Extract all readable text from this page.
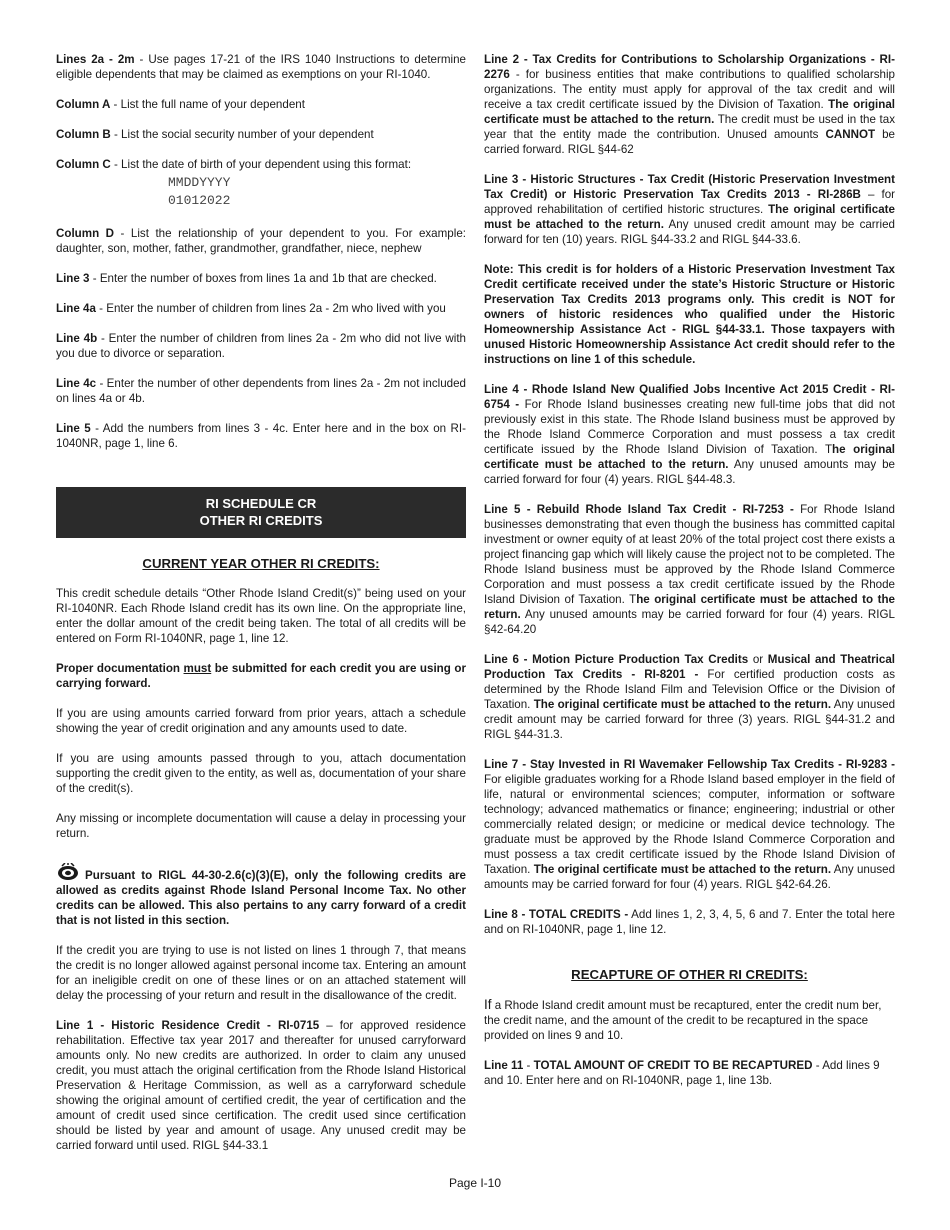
Lines 2a - 2m - Use pages 17-21 of the IRS 1040 Instructions to determine eligible dependents that may be claimed as exemptions on your RI-1040.

Column A - List the full name of your dependent

Column B - List the social security number of your dependent

Column C - List the date of birth of your dependent using this format:

MMDDYYYY
01012022

Column D - List the relationship of your dependent to you. For example: daughter, son, mother, father, grandmother, grandfather, niece, nephew

Line 3 - Enter the number of boxes from lines 1a and 1b that are checked.

Line 4a - Enter the number of children from lines 2a - 2m who lived with you

Line 4b - Enter the number of children from lines 2a - 2m who did not live with you due to divorce or separation.

Line 4c - Enter the number of other dependents from lines 2a - 2m not included on lines 4a or 4b.

Line 5 - Add the numbers from lines 3 - 4c. Enter here and in the box on RI-1040NR, page 1, line 6.

RI SCHEDULE CR
OTHER RI CREDITS
CURRENT YEAR OTHER RI CREDITS:

This credit schedule details “Other Rhode Island Credit(s)” being used on your RI-1040NR. Each Rhode Island credit has its own line. On the appropriate line, enter the dollar amount of the credit being taken. The total of all credits will be entered on Form RI-1040NR, page 1, line 12.

Proper documentation must be submitted for each credit you are using or carrying forward.

If you are using amounts carried forward from prior years, attach a schedule showing the year of credit origination and any amounts used to date.

If you are using amounts passed through to you, attach documentation supporting the credit given to the entity, as well as, documentation of your share of the credit(s).

Any missing or incomplete documentation will cause a delay in processing your return.

Pursuant to RIGL 44-30-2.6(c)(3)(E), only the following credits are allowed as credits against Rhode Island Personal Income Tax. No other credits can be allowed. This also pertains to any carry forward of a credit that is not listed in this section.

If the credit you are trying to use is not listed on lines 1 through 7, that means the credit is no longer allowed against personal income tax. Entering an amount for an ineligible credit on one of these lines or on an attached statement will delay the processing of your return and result in the disallowance of the credit.

Line 1 - Historic Residence Credit - RI-0715 – for approved residence rehabilitation. Effective tax year 2017 and thereafter for unused carryforward amounts only. No new credits are authorized. In order to claim any unused credit, you must attach the original certification from the Rhode Island Historical Preservation & Heritage Commission, as well as a carryforward schedule showing the original amount of certified credit, the year of certification and the amount of credit used since certification. The credit used since certification should be listed by year and amount of usage. Any unused credit may be carried forward until used. RIGL §44-33.1

Line 2 - Tax Credits for Contributions to Scholarship Organizations - RI-2276 - for business entities that make contributions to qualified scholarship organizations. The entity must apply for approval of the tax credit and will receive a tax credit certificate issued by the Division of Taxation. The original certificate must be attached to the return. The credit must be used in the tax year that the entity made the contribution. Unused amounts CANNOT be carried forward. RIGL §44-62

Line 3 - Historic Structures - Tax Credit (Historic Preservation Investment Tax Credit) or Historic Preservation Tax Credits 2013 - RI-286B – for approved rehabilitation of certified historic structures. The original certificate must be attached to the return. Any unused credit amount may be carried forward for ten (10) years. RIGL §44-33.2 and RIGL §44-33.6.

Note: This credit is for holders of a Historic Preservation Investment Tax Credit certificate received under the state’s Historic Structure or Historic Preservation Tax Credits 2013 programs only. This credit is NOT for owners of historic residences who qualified under the Historic Homeownership Assistance Act - RIGL §44-33.1. Those taxpayers with unused Historic Homeownership Assistance Act credit should refer to the instructions on line 1 of this schedule.

Line 4 - Rhode Island New Qualified Jobs Incentive Act 2015 Credit - RI-6754 - For Rhode Island businesses creating new full-time jobs that did not previously exist in this state. The Rhode Island business must be approved by the Rhode Island Commerce Corporation and must possess a tax credit certificate issued by the Rhode Island Division of Taxation. The original certificate must be attached to the return. Any unused amounts may be carried forward for four (4) years. RIGL §44-48.3.

Line 5 - Rebuild Rhode Island Tax Credit - RI-7253 - For Rhode Island businesses demonstrating that even though the business has committed capital investment or owner equity of at least 20% of the total project cost there exists a project financing gap which will likely cause the project not to be completed. The Rhode Island business must be approved by the Rhode Island Commerce Corporation and must possess a tax credit certificate issued by the Rhode Island Division of Taxation. The original certificate must be attached to the return. Any unused amounts may be carried forward for four (4) years. RIGL §42-64.20

Line 6 - Motion Picture Production Tax Credits or Musical and Theatrical Production Tax Credits - RI-8201 - For certified production costs as determined by the Rhode Island Film and Television Office or the Division of Taxation. The original certificate must be attached to the return. Any unused credit amount may be carried forward for three (3) years. RIGL §44-31.2 and RIGL §44-31.3.

Line 7 - Stay Invested in RI Wavemaker Fellowship Tax Credits - RI-9283 - For eligible graduates working for a Rhode Island based employer in the field of life, natural or environmental sciences; computer, information or software technology; advanced mathematics or finance; engineering; industrial or other commercially related design; or medicine or medical device technology. The graduate must be approved by the Rhode Island Commerce Corporation and must possess a tax credit certificate issued by the Rhode Island Division of Taxation. The original certificate must be attached to the return. Any unused amounts may be carried forward for four (4) years. RIGL §42-64.26.

Line 8 - TOTAL CREDITS - Add lines 1, 2, 3, 4, 5, 6 and 7. Enter the total here and on RI-1040NR, page 1, line 12.

RECAPTURE OF OTHER RI CREDITS:

If a Rhode Island credit amount must be recaptured, enter the credit num ber, the credit name, and the amount of the credit to be recaptured in the space provided on lines 9 and 10.

Line 11 - TOTAL AMOUNT OF CREDIT TO BE RECAPTURED - Add lines 9 and 10. Enter here and on RI-1040NR, page 1, line 13b.

Page I-10
